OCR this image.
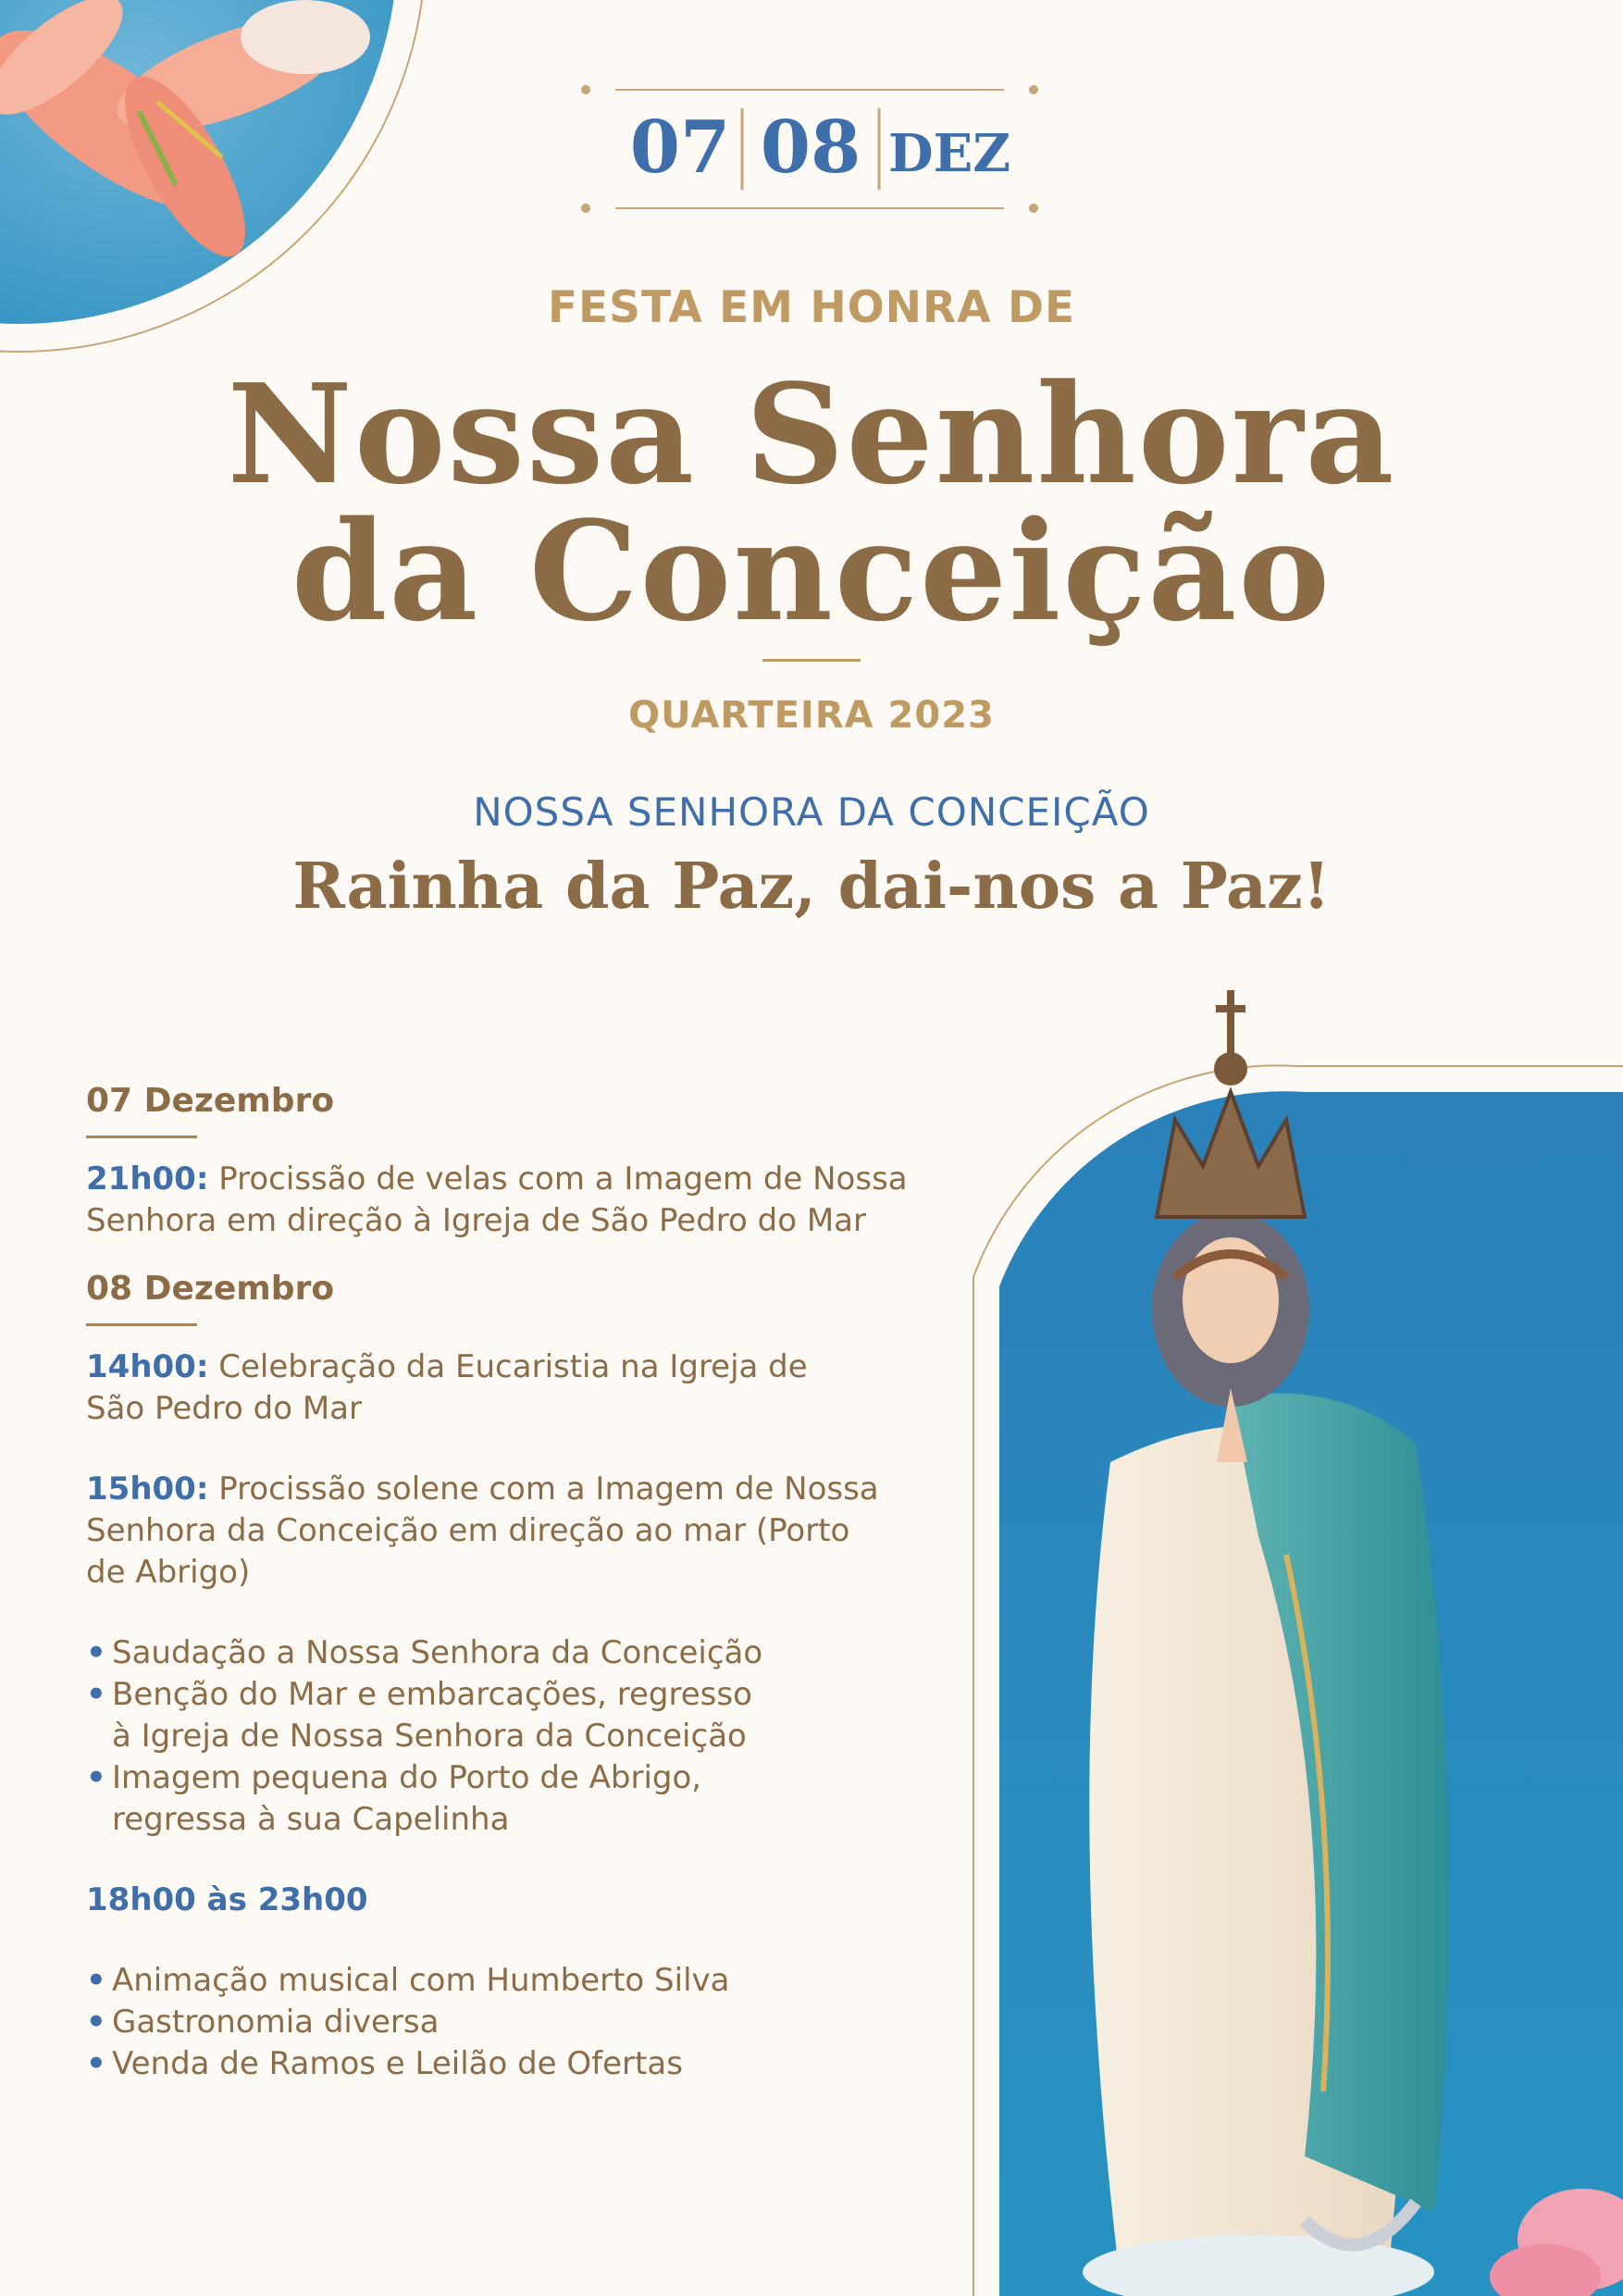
07 08 DEZ
FESTA EM HONRA DE
Nossa Senhora
da Conceição
QUARTEIRA 2023
NOSSA SENHORA DA CONCEIÇÃO
Rainha da Paz, dai-nos a Paz!
07 Dezembro
21h00: Procissão de velas com a Imagem de Nossa
Senhora em direção à Igreja de São Pedro do Mar
08 Dezembro
14h00: Celebração da Eucaristia na Igreja de
São Pedro do Mar
15h00: Procissão solene com a Imagem de Nossa
Senhora da Conceição em direção ao mar (Porto
de Abrigo)
• Saudação a Nossa Senhora da Conceição
• Benção do Mar e embarcações, regresso
à Igreja de Nossa Senhora da Conceição
• Imagem pequena do Porto de Abrigo,
regressa à sua Capelinha
18h00 às 23h00
• Animação musical com Humberto Silva
• Gastronomia diversa
• Venda de Ramos e Leilão de Ofertas
